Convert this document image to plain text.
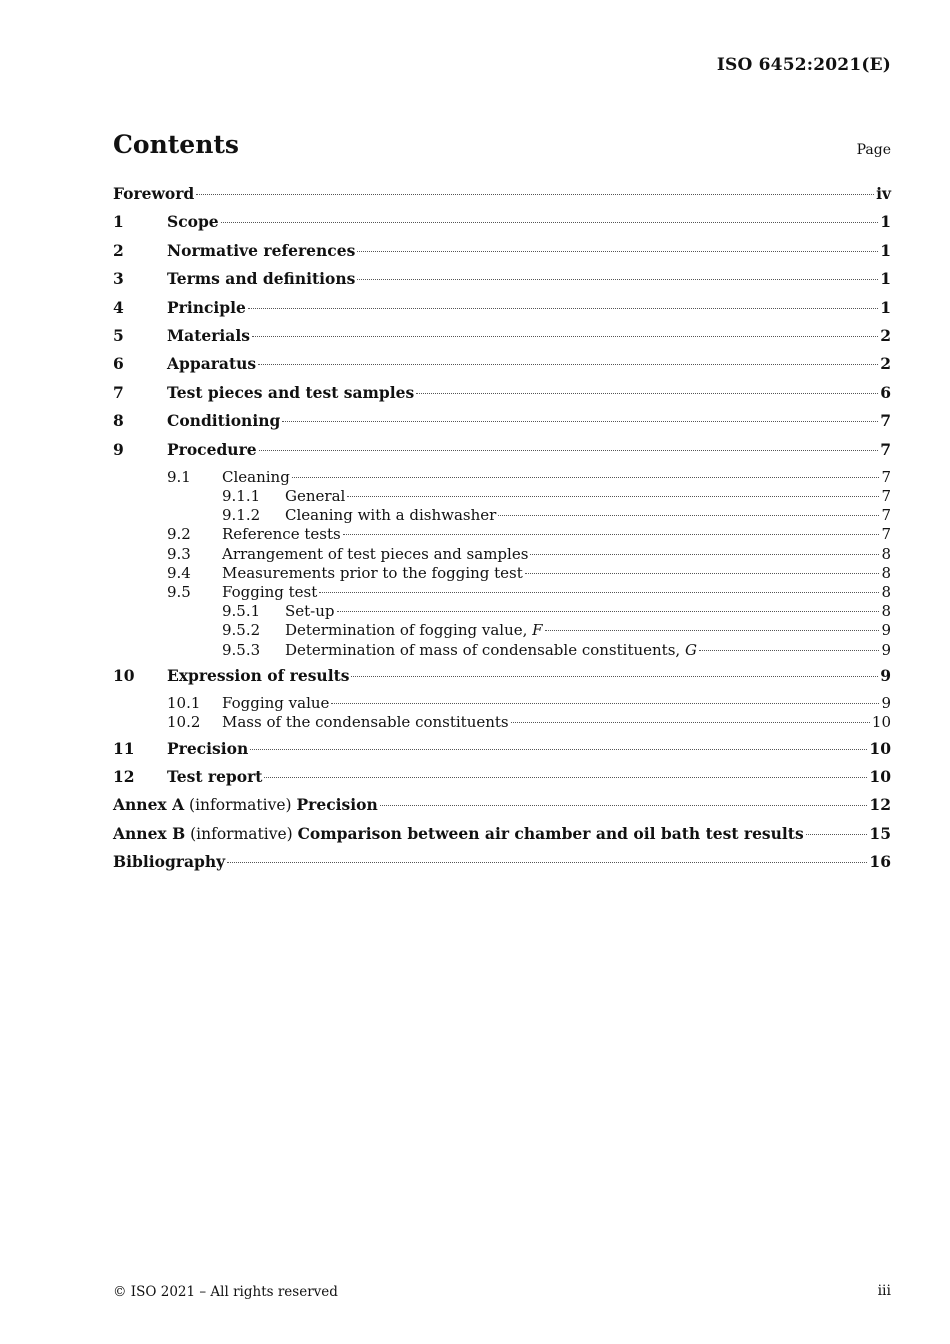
ISO 6452:2021(E)
Contents	Page
Foreword	iv
1	Scope	1
2	Normative references	1
3	Terms and definitions	1
4	Principle	1
5	Materials	2
6	Apparatus	2
7	Test pieces and test samples	6
8	Conditioning	7
9	Procedure	7
9.1	Cleaning	7
9.1.1	General	7
9.1.2	Cleaning with a dishwasher	7
9.2	Reference tests	7
9.3	Arrangement of test pieces and samples	8
9.4	Measurements prior to the fogging test	8
9.5	Fogging test	8
9.5.1	Set-up	8
9.5.2	Determination of fogging value, F	9
9.5.3	Determination of mass of condensable constituents, G	9
10	Expression of results	9
10.1	Fogging value	9
10.2	Mass of the condensable constituents	10
11	Precision	10
12	Test report	10
Annex A (informative) Precision	12
Annex B (informative) Comparison between air chamber and oil bath test results	15
Bibliography	16
© ISO 2021 – All rights reserved	iii
